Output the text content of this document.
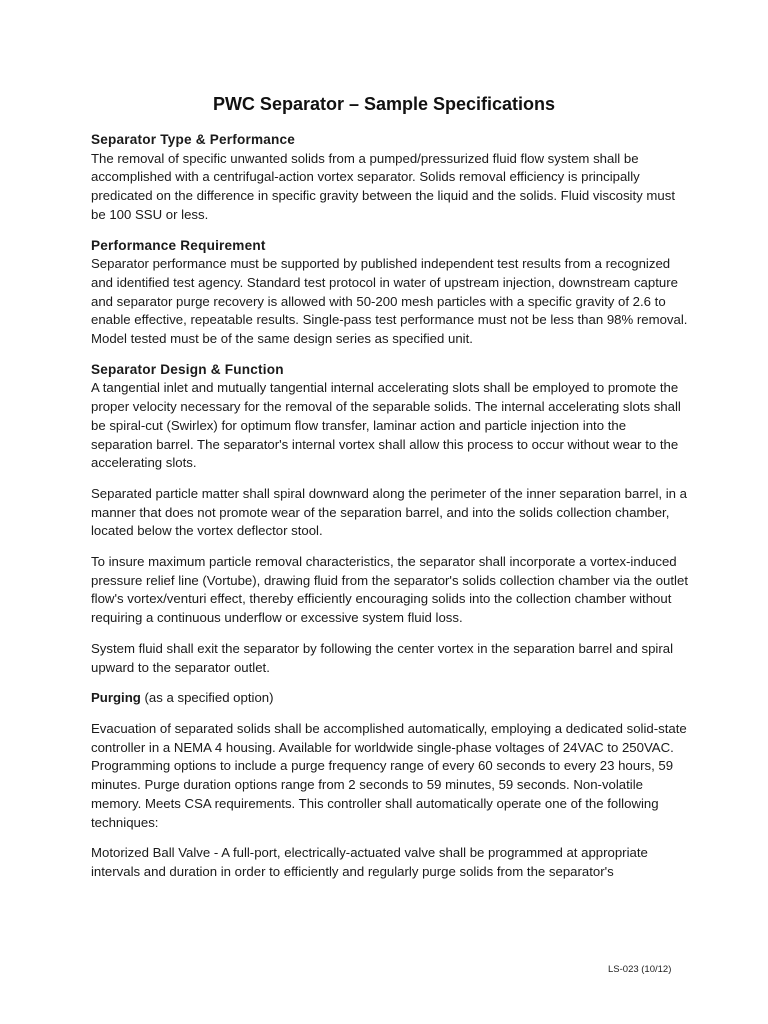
PWC Separator – Sample Specifications
Separator Type & Performance
The removal of specific unwanted solids from a pumped/pressurized fluid flow system shall be accomplished with a centrifugal-action vortex separator. Solids removal efficiency is principally predicated on the difference in specific gravity between the liquid and the solids. Fluid viscosity must be 100 SSU or less.
Performance Requirement
Separator performance must be supported by published independent test results from a recognized and identified test agency. Standard test protocol in water of upstream injection, downstream capture and separator purge recovery is allowed with 50-200 mesh particles with a specific gravity of 2.6 to enable effective, repeatable results. Single-pass test performance must not be less than 98% removal. Model tested must be of the same design series as specified unit.
Separator Design & Function
A tangential inlet and mutually tangential internal accelerating slots shall be employed to promote the proper velocity necessary for the removal of the separable solids. The internal accelerating slots shall be spiral-cut (Swirlex) for optimum flow transfer, laminar action and particle injection into the separation barrel. The separator's internal vortex shall allow this process to occur without wear to the accelerating slots.
Separated particle matter shall spiral downward along the perimeter of the inner separation barrel, in a manner that does not promote wear of the separation barrel, and into the solids collection chamber, located below the vortex deflector stool.
To insure maximum particle removal characteristics, the separator shall incorporate a vortex-induced pressure relief line (Vortube), drawing fluid from the separator's solids collection chamber via the outlet flow's vortex/venturi effect, thereby efficiently encouraging solids into the collection chamber without requiring a continuous underflow or excessive system fluid loss.
System fluid shall exit the separator by following the center vortex in the separation barrel and spiral upward to the separator outlet.
Purging (as a specified option)
Evacuation of separated solids shall be accomplished automatically, employing a dedicated solid-state controller in a NEMA 4 housing. Available for worldwide single-phase voltages of 24VAC to 250VAC. Programming options to include a purge frequency range of every 60 seconds to every 23 hours, 59 minutes. Purge duration options range from 2 seconds to 59 minutes, 59 seconds. Non-volatile memory. Meets CSA requirements. This controller shall automatically operate one of the following techniques:
Motorized Ball Valve - A full-port, electrically-actuated valve shall be programmed at appropriate intervals and duration in order to efficiently and regularly purge solids from the separator's
LS-023 (10/12)
